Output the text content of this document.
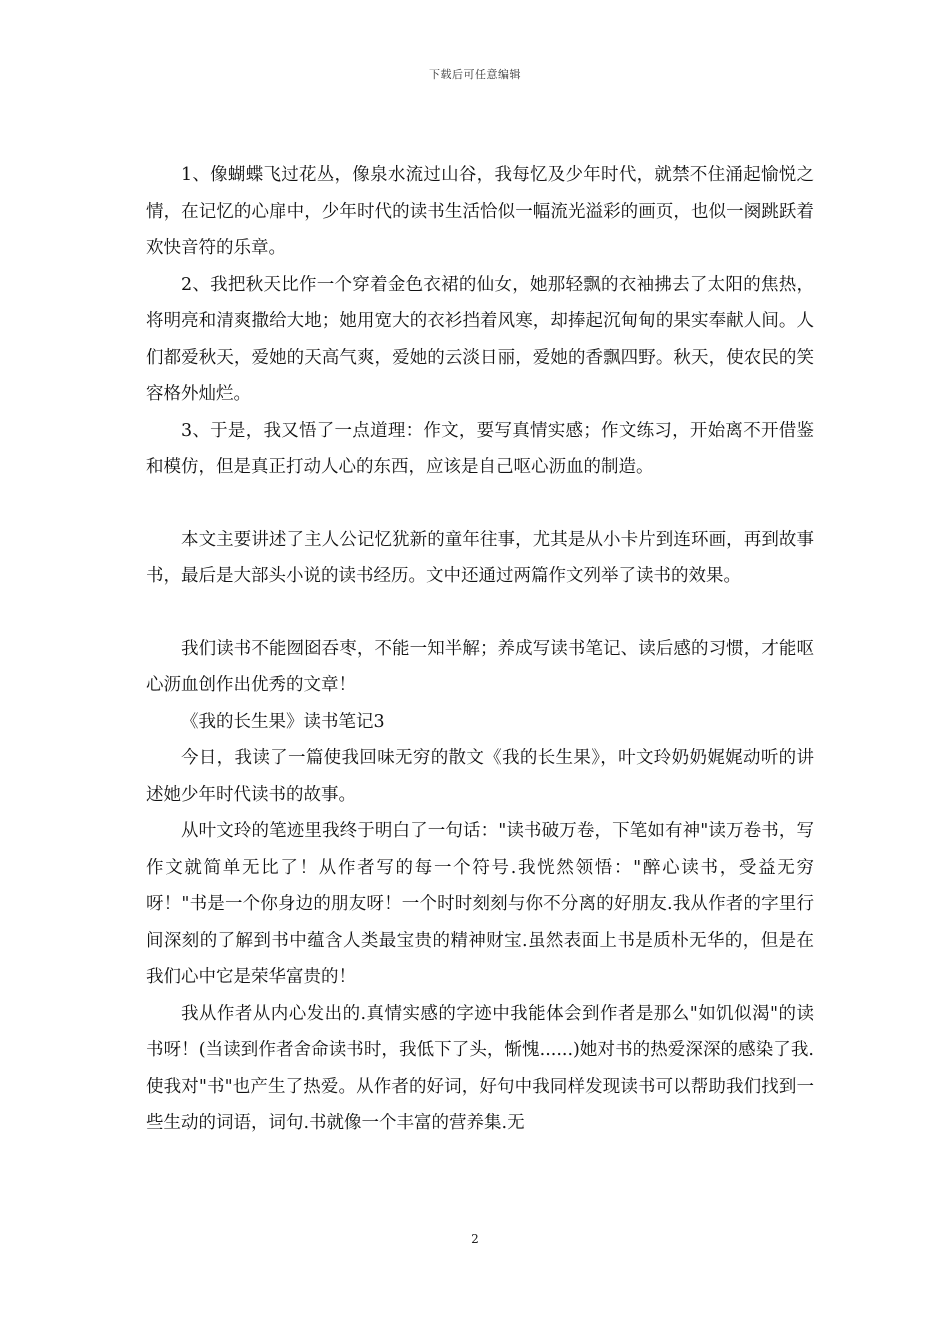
下载后可任意编辑

1、像蝴蝶飞过花丛，像泉水流过山谷，我每忆及少年时代，就禁不住涌起愉悦之情，在记忆的心扉中，少年时代的读书生活恰似一幅流光溢彩的画页，也似一阕跳跃着欢快音符的乐章。

2、我把秋天比作一个穿着金色衣裙的仙女，她那轻飘的衣袖拂去了太阳的焦热，将明亮和清爽撒给大地；她用宽大的衣衫挡着风寒，却捧起沉甸甸的果实奉献人间。人们都爱秋天，爱她的天高气爽，爱她的云淡日丽，爱她的香飘四野。秋天，使农民的笑容格外灿烂。

3、于是，我又悟了一点道理：作文，要写真情实感；作文练习，开始离不开借鉴和模仿，但是真正打动人心的东西，应该是自己呕心沥血的制造。

本文主要讲述了主人公记忆犹新的童年往事，尤其是从小卡片到连环画，再到故事书，最后是大部头小说的读书经历。文中还通过两篇作文列举了读书的效果。

我们读书不能囫囵吞枣，不能一知半解；养成写读书笔记、读后感的习惯，才能呕心沥血创作出优秀的文章！

《我的长生果》读书笔记3

今日，我读了一篇使我回味无穷的散文《我的长生果》，叶文玲奶奶娓娓动听的讲述她少年时代读书的故事。

从叶文玲的笔迹里我终于明白了一句话："读书破万卷，下笔如有神"读万卷书，写作文就简单无比了！从作者写的每一个符号.我恍然领悟："醉心读书，受益无穷呀！"书是一个你身边的朋友呀！一个时时刻刻与你不分离的好朋友.我从作者的字里行间深刻的了解到书中蕴含人类最宝贵的精神财宝.虽然表面上书是质朴无华的，但是在我们心中它是荣华富贵的！

我从作者从内心发出的.真情实感的字迹中我能体会到作者是那么"如饥似渴"的读书呀！(当读到作者舍命读书时，我低下了头，惭愧......)她对书的热爱深深的感染了我.使我对"书"也产生了热爱。从作者的好词，好句中我同样发现读书可以帮助我们找到一些生动的词语，词句.书就像一个丰富的营养集.无

2
